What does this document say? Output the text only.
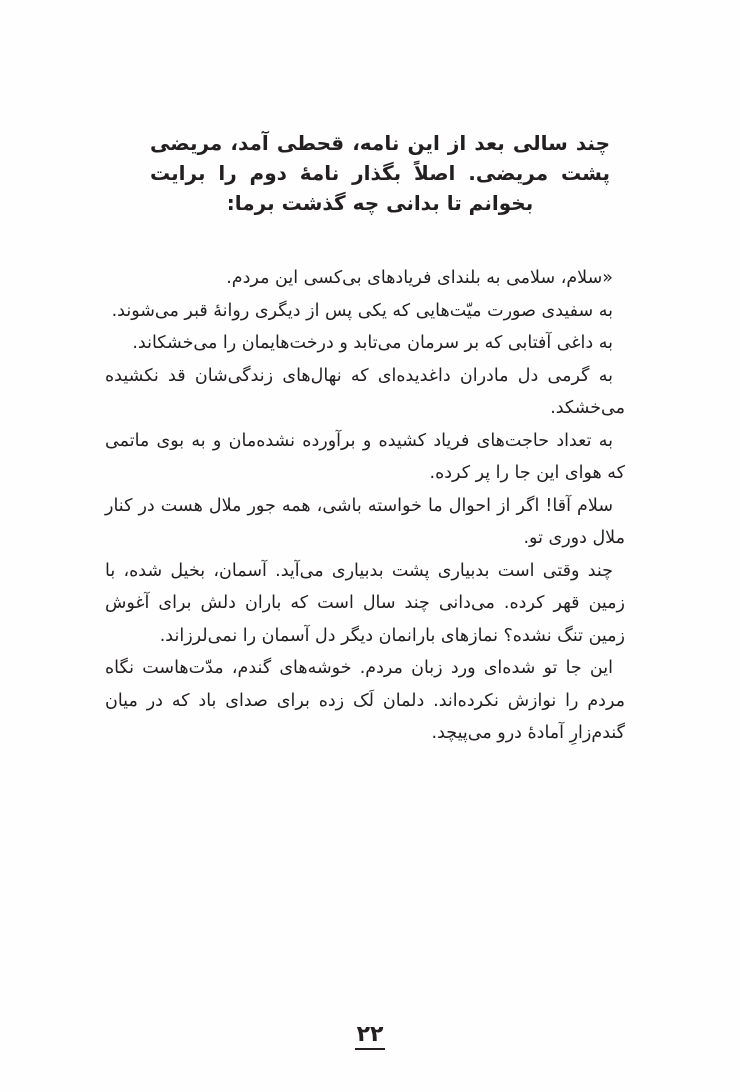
چند سالی بعد از این نامه، قحطی آمد، مریضی پشت مریضی. اصلاً بگذار نامهٔ دوم را برایت بخوانم تا بدانی چه گذشت برما:

«سلام، سلامی به بلندای فریادهای بی‌کسی این مردم.

به سفیدی صورت میّت‌هایی که یکی پس از دیگری روانهٔ قبر می‌شوند.

به داغی آفتابی که بر سرمان می‌تابد و درخت‌هایمان را می‌خشکاند.

به گرمی دل مادران داغدیده‌ای که نهال‌های زندگی‌شان قد نکشیده می‌خشکد.

به تعداد حاجت‌های فریاد کشیده و برآورده نشده‌مان و به بوی ماتمی که هوای این جا را پر کرده.

سلام آقا! اگر از احوال ما خواسته باشی، همه جور ملال هست در کنار ملال دوری تو.

چند وقتی است بدبیاری پشت بدبیاری می‌آید. آسمان، بخیل شده، با زمین قهر کرده. می‌دانی چند سال است که باران دلش برای آغوش زمین تنگ نشده؟ نمازهای بارانمان دیگر دل آسمان را نمی‌لرزاند.

این جا تو شده‌ای ورد زبان مردم. خوشه‌های گندم، مدّت‌هاست نگاه مردم را نوازش نکرده‌اند. دلمان لَک زده برای صدای باد که در میان گندم‌زارِ آمادهٔ درو می‌پیچد.

۲۲
